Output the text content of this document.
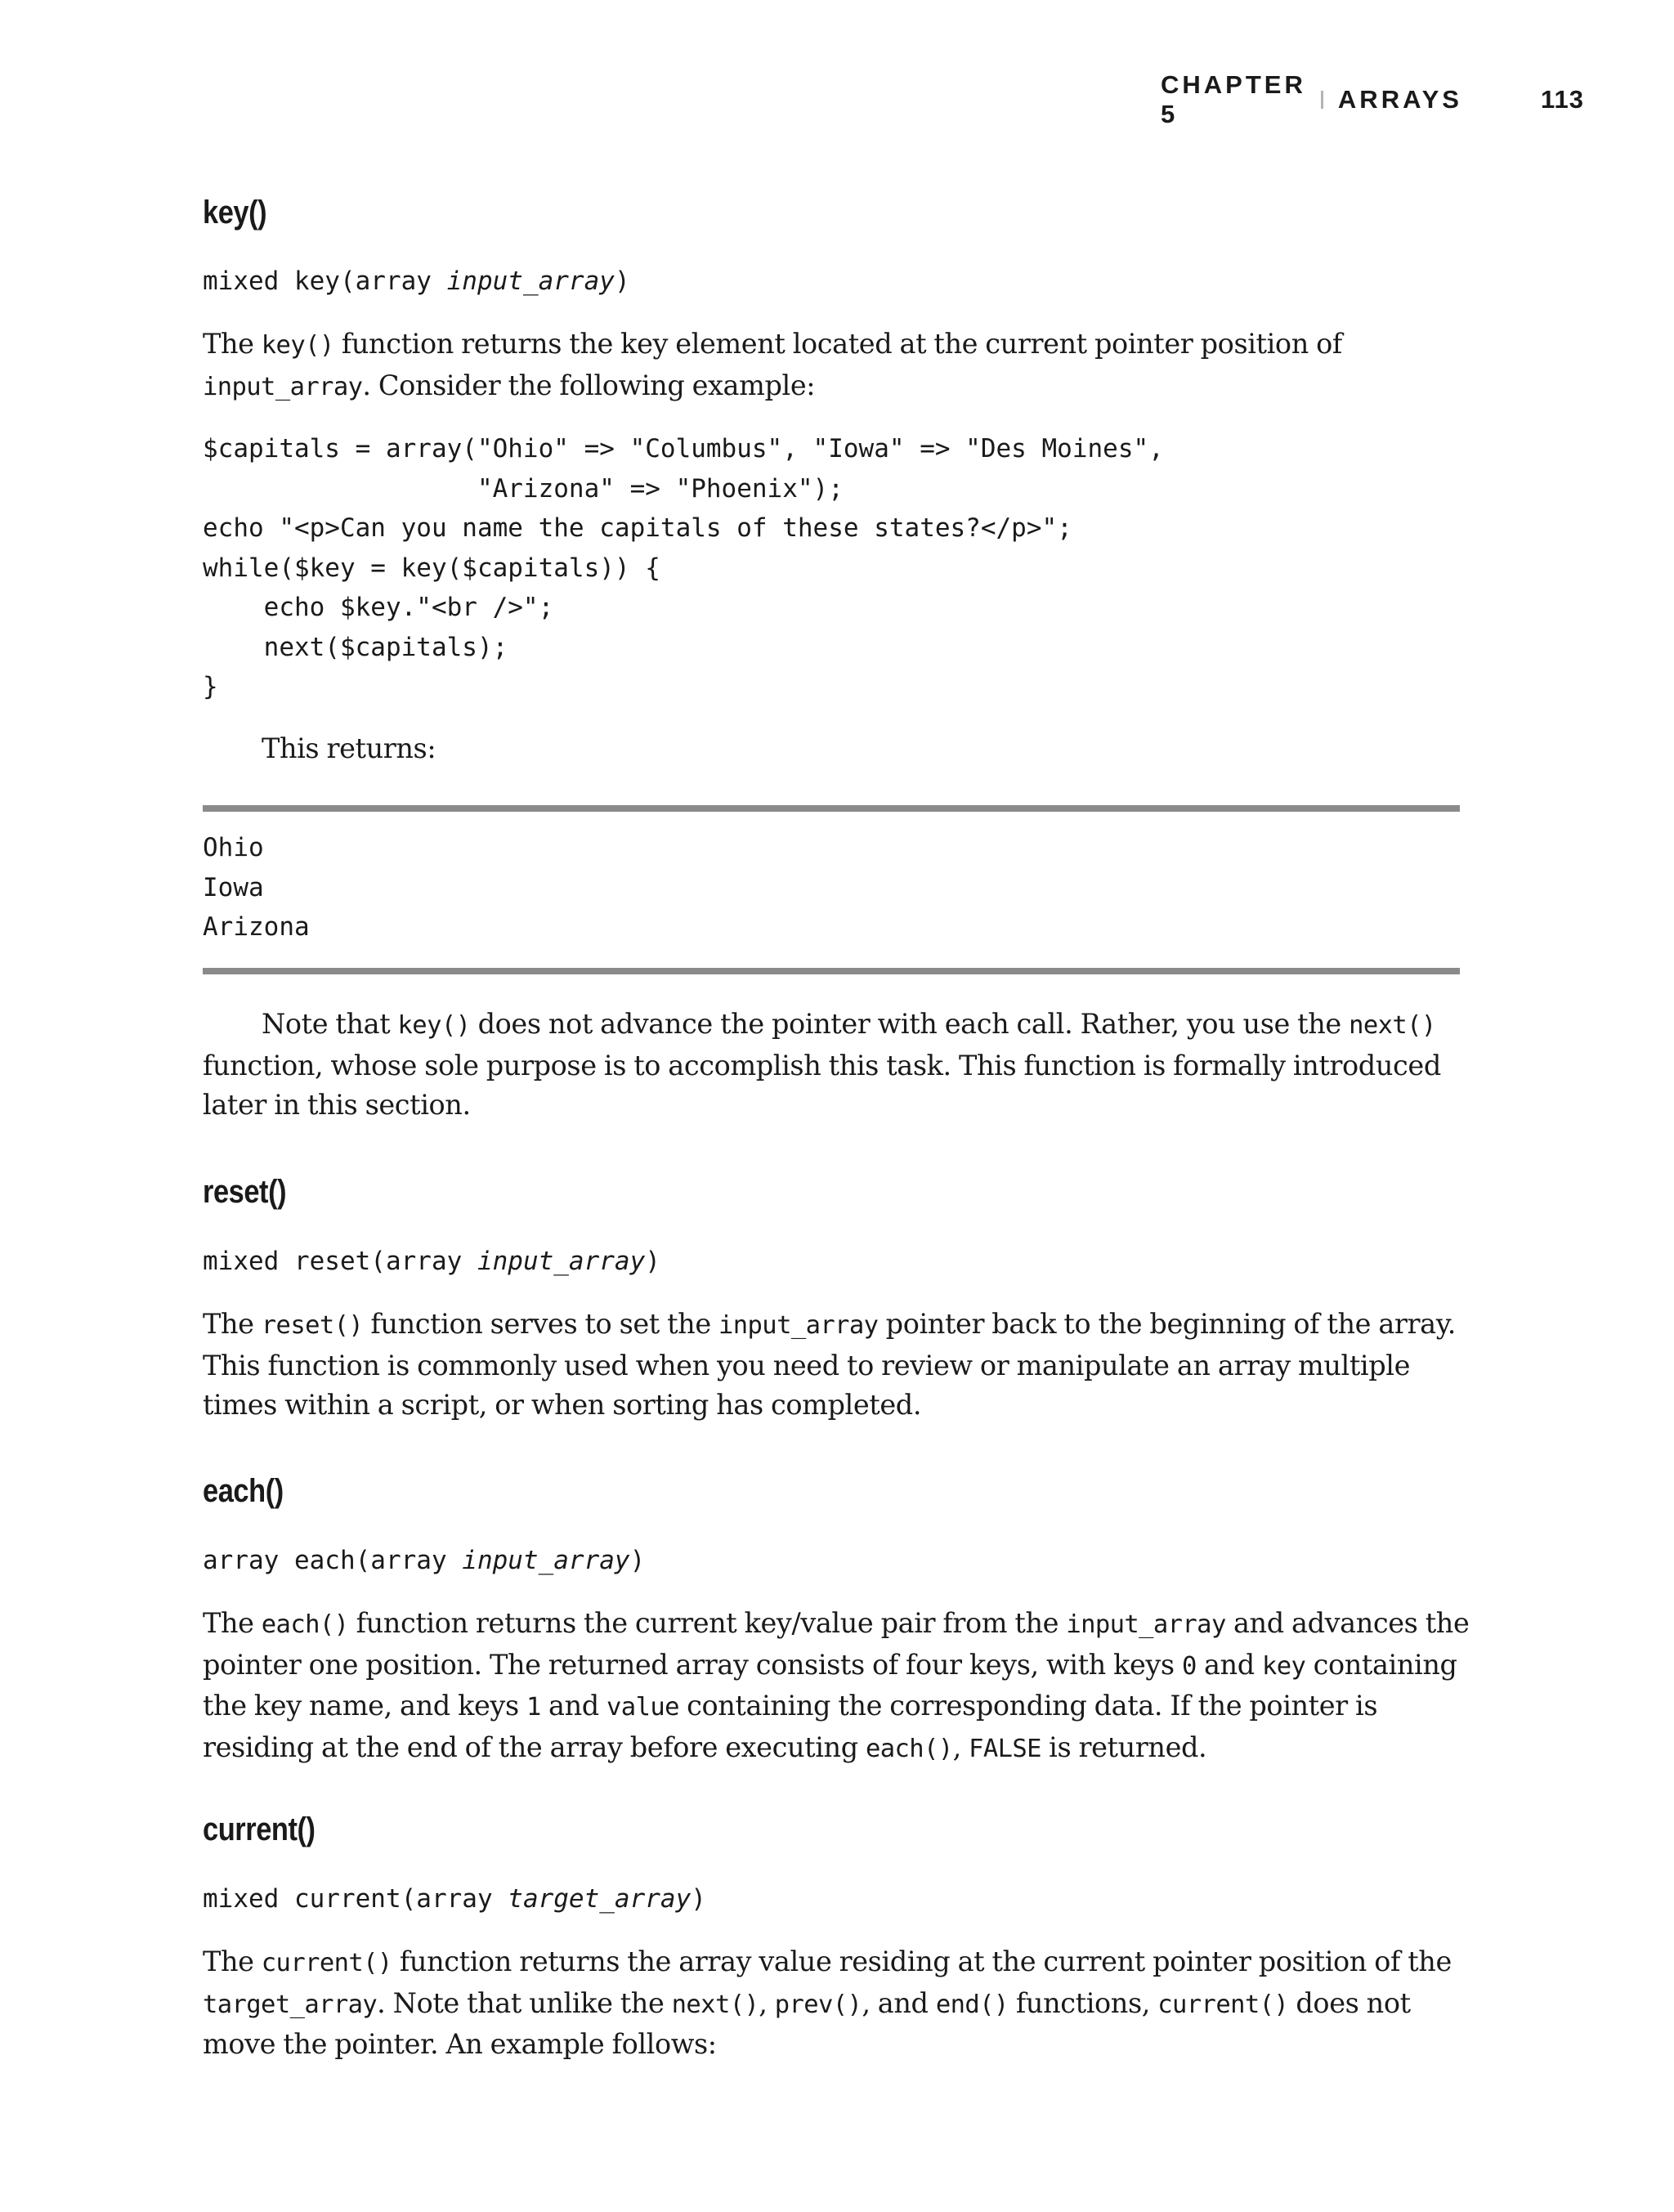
CHAPTER 5
ARRAYS	113
key()
mixed key(array input_array)

The key() function returns the key element located at the current pointer position of
input_array. Consider the following example:

$capitals = array("Ohio" => "Columbus", "Iowa" => "Des Moines",
"Arizona" => "Phoenix");
echo "<p>Can you name the capitals of these states?</p>";
while($key = key($capitals)) {
echo $key."<br />";
next($capitals);
}

This returns:

Ohio
Iowa
Arizona

Note that key() does not advance the pointer with each call. Rather, you use the next() function, whose sole purpose is to accomplish this task. This function is formally introduced later in this section.

reset()
mixed reset(array input_array)

The reset() function serves to set the input_array pointer back to the beginning of the array. This function is commonly used when you need to review or manipulate an array multiple times within a script, or when sorting has completed.

each()
array each(array input_array)

The each() function returns the current key/value pair from the input_array and advances the pointer one position. The returned array consists of four keys, with keys 0 and key containing the key name, and keys 1 and value containing the corresponding data. If the pointer is residing at the end of the array before executing each(), FALSE is returned.

current()
mixed current(array target_array)

The current() function returns the array value residing at the current pointer position of the target_array. Note that unlike the next(), prev(), and end() functions, current() does not move the pointer. An example follows:
